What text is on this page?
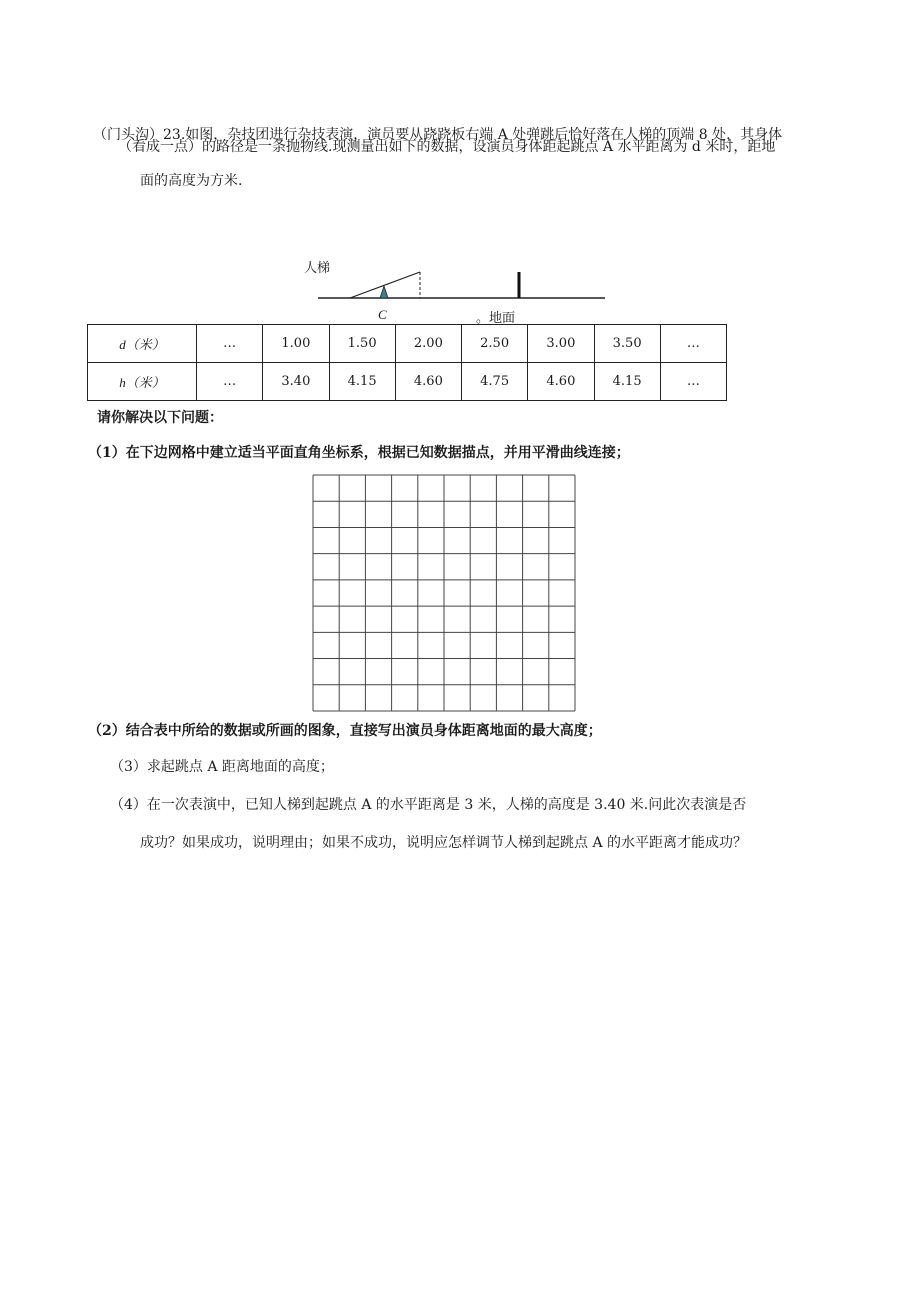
（门头沟）23.如图，杂技团进行杂技表演，演员要从跷跷板右端 A 处弹跳后恰好落在人梯的顶端 8 处，其身体
（看成一点）的路径是一条抛物线.现测量出如下的数据，设演员身体距起跳点 A 水平距离为 d 米时，距地
面的高度为方米.
人梯
C	。地面
d（米）	…	1.00	1.50	2.00	2.50	3.00	3.50	…
h（米）	…	3.40	4.15	4.60	4.75	4.60	4.15	…
请你解决以下问题：
（1）在下边网格中建立适当平面直角坐标系，根据已知数据描点，并用平滑曲线连接；
（2）结合表中所给的数据或所画的图象，直接写出演员身体距离地面的最大高度；
（3）求起跳点 A 距离地面的高度；
（4）在一次表演中，已知人梯到起跳点 A 的水平距离是 3 米，人梯的高度是 3.40 米.问此次表演是否
成功？如果成功，说明理由；如果不成功，说明应怎样调节人梯到起跳点 A 的水平距离才能成功？
